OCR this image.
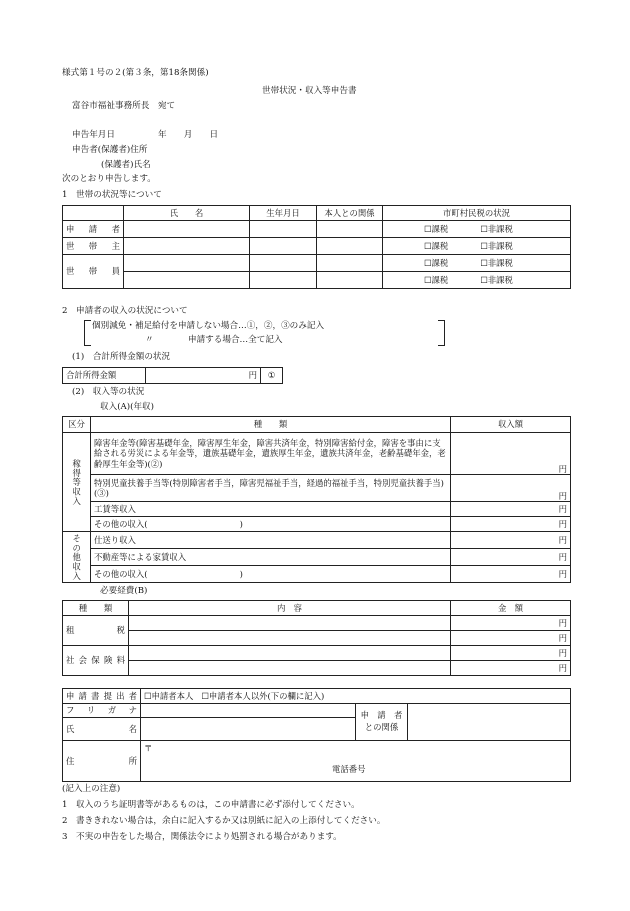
様式第１号の２(第３条，第18条関係)
世帯状況・収入等申告書
富谷市福祉事務所長　宛て
申告年月日　　　　　年　　月　　日
申告者(保護者)住所
(保護者)氏名
次のとおり申告します。
1　世帯の状況等について
	氏　　名	生年月日	本人との関係	市町村民税の状況
申　請　者				☐課税 ☐非課税
世　帯　主				☐課税 ☐非課税
世　帯　員				☐課税 ☐非課税
				☐課税 ☐非課税
2　申請者の収入の状況について
個別減免・補足給付を申請しない場合…①，②，③のみ記入
〃　　　　申請する場合…全て記入
(1)　合計所得金額の状況
合計所得金額	円	①
(2)　収入等の状況
収入(A)(年収)
区分	種　　類	収入額
稼得等収入	障害年金等(障害基礎年金，障害厚生年金，障害共済年金，特別障害給付金，障害を事由に支給される労災による年金等，遺族基礎年金，遺族厚生年金，遺族共済年金，老齢基礎年金，老齢厚生年金等)(②)	円
	特別児童扶養手当等(特別障害者手当，障害児福祉手当，経過的福祉手当，特別児童扶養手当)(③)	円
	工賃等収入	円
	その他の収入(　　　　　　　　　　　)	円
その他収入	仕送り収入	円
	不動産等による家賃収入	円
	その他の収入(　　　　　　　　　　　)	円
必要経費(B)
種　　類	内　容	金　額
租　　税		円
		円
社会保険料		円
		円
申請書提出者	☐申請者本人 ☐申請者本人以外(下の欄に記入)		
フ　リ　ガ　ナ		申　請　者との関係	
氏　　　　名			
住　　　　所	〒
電話番号		
(記入上の注意)
1　収入のうち証明書等があるものは，この申請書に必ず添付してください。
2　書ききれない場合は，余白に記入するか又は別紙に記入の上添付してください。
3　不実の申告をした場合，関係法令により処罰される場合があります。
